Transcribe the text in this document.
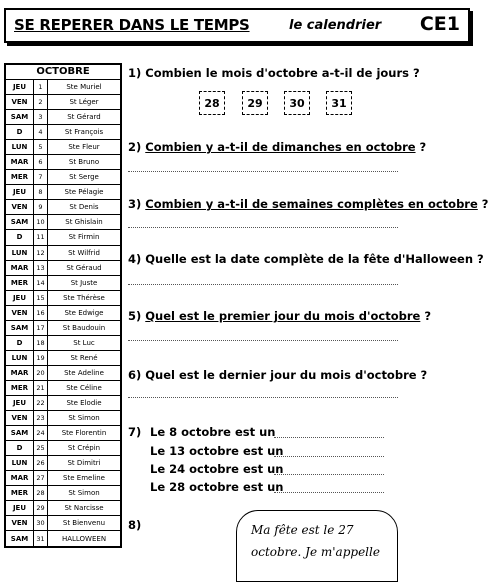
SE REPERER DANS LE TEMPS	le calendrier CE1
OCTOBRE
JEU	1	Ste Muriel
VEN	2	St Léger
SAM	3	St Gérard
D	4	St François
LUN	5	Ste Fleur
MAR	6	St Bruno
MER	7	St Serge
JEU	8	Ste Pélagie
VEN	9	St Denis
SAM	10	St Ghislain
D	11	St Firmin
LUN	12	St Wilfrid
MAR	13	St Géraud
MER	14	St Juste
JEU	15	Ste Thérèse
VEN	16	Ste Edwige
SAM	17	St Baudouin
D	18	St Luc
LUN	19	St René
MAR	20	Ste Adeline
MER	21	Ste Céline
JEU	22	Ste Elodie
VEN	23	St Simon
SAM	24	Ste Florentin
D	25	St Crépin
LUN	26	St Dimitri
MAR	27	Ste Emeline
MER	28	St Simon
JEU	29	St Narcisse
VEN	30	St Bienvenu
SAM	31	HALLOWEEN
1) Combien le mois d'octobre a-t-il de jours ?
28	29	30	31
2) Combien y a-t-il de dimanches en octobre ?
3) Combien y a-t-il de semaines complètes en octobre ?
4) Quelle est la date complète de la fête d'Halloween ?
5) Quel est le premier jour du mois d'octobre ?
6) Quel est le dernier jour du mois d'octobre ?
7) Le 8 octobre est un
Le 13 octobre est un
Le 24 octobre est un
Le 28 octobre est un
8)	Ma fête est le 27 octobre. Je m'appelle
